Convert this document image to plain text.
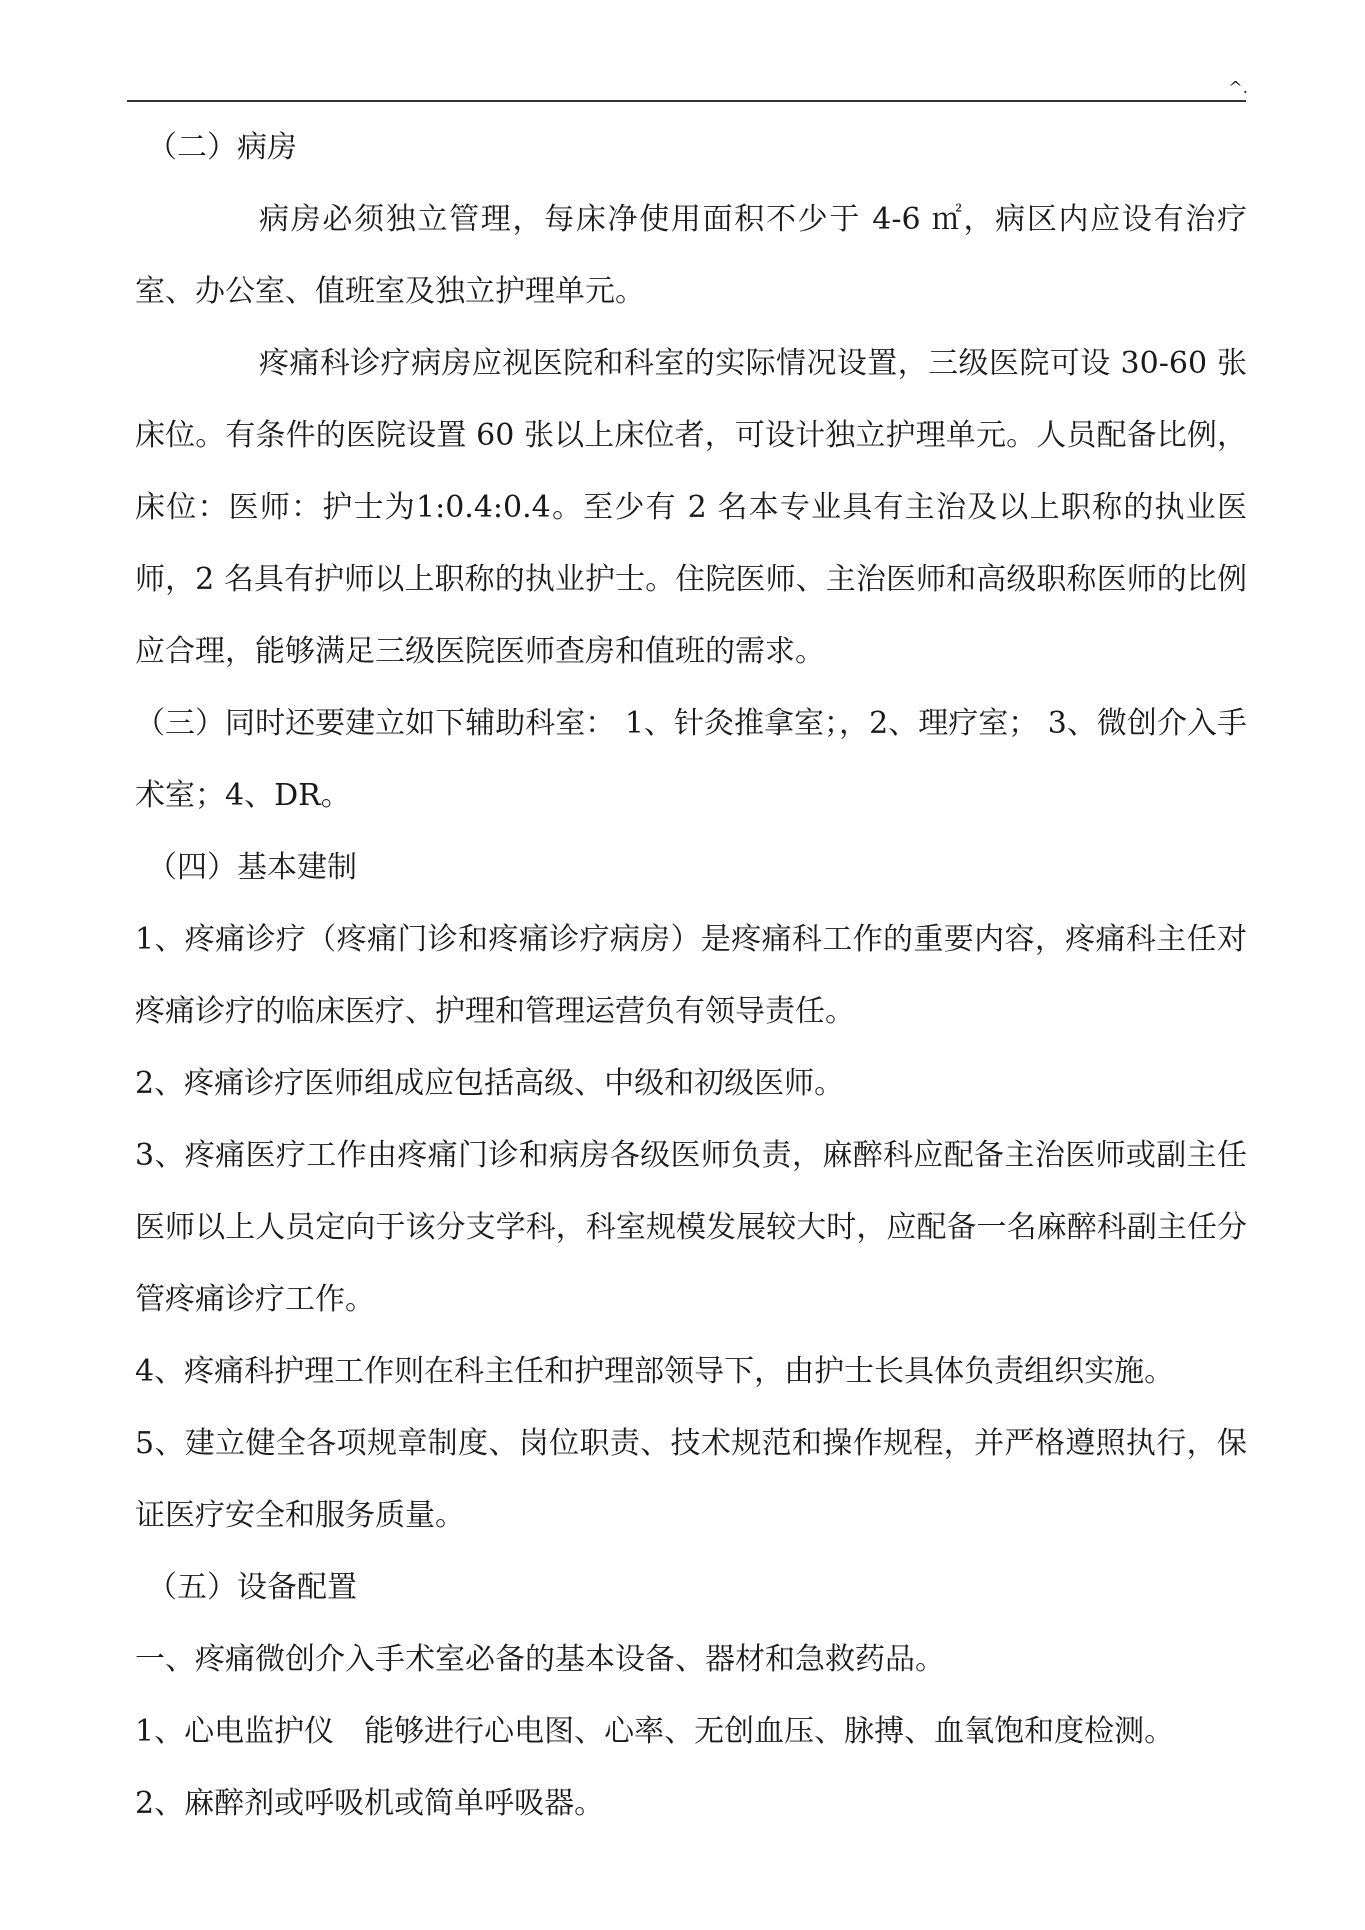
^.

（二）病房

病房必须独立管理，每床净使用面积不少于 4-6 ㎡，病区内应设有治疗室、办公室、值班室及独立护理单元。

疼痛科诊疗病房应视医院和科室的实际情况设置，三级医院可设 30-60 张床位。有条件的医院设置 60 张以上床位者，可设计独立护理单元。人员配备比例，床位：医师：护士为1:0.4:0.4。至少有 2 名本专业具有主治及以上职称的执业医师，2 名具有护师以上职称的执业护士。住院医师、主治医师和高级职称医师的比例应合理，能够满足三级医院医师查房和值班的需求。

（三）同时还要建立如下辅助科室： 1、针灸推拿室；，2、理疗室； 3、微创介入手术室；4、DR。

（四）基本建制

1、疼痛诊疗（疼痛门诊和疼痛诊疗病房）是疼痛科工作的重要内容，疼痛科主任对疼痛诊疗的临床医疗、护理和管理运营负有领导责任。

2、疼痛诊疗医师组成应包括高级、中级和初级医师。

3、疼痛医疗工作由疼痛门诊和病房各级医师负责，麻醉科应配备主治医师或副主任医师以上人员定向于该分支学科，科室规模发展较大时，应配备一名麻醉科副主任分管疼痛诊疗工作。

4、疼痛科护理工作则在科主任和护理部领导下，由护士长具体负责组织实施。

5、建立健全各项规章制度、岗位职责、技术规范和操作规程，并严格遵照执行，保证医疗安全和服务质量。

（五）设备配置

一、疼痛微创介入手术室必备的基本设备、器材和急救药品。

1、心电监护仪　能够进行心电图、心率、无创血压、脉搏、血氧饱和度检测。

2、麻醉剂或呼吸机或简单呼吸器。
